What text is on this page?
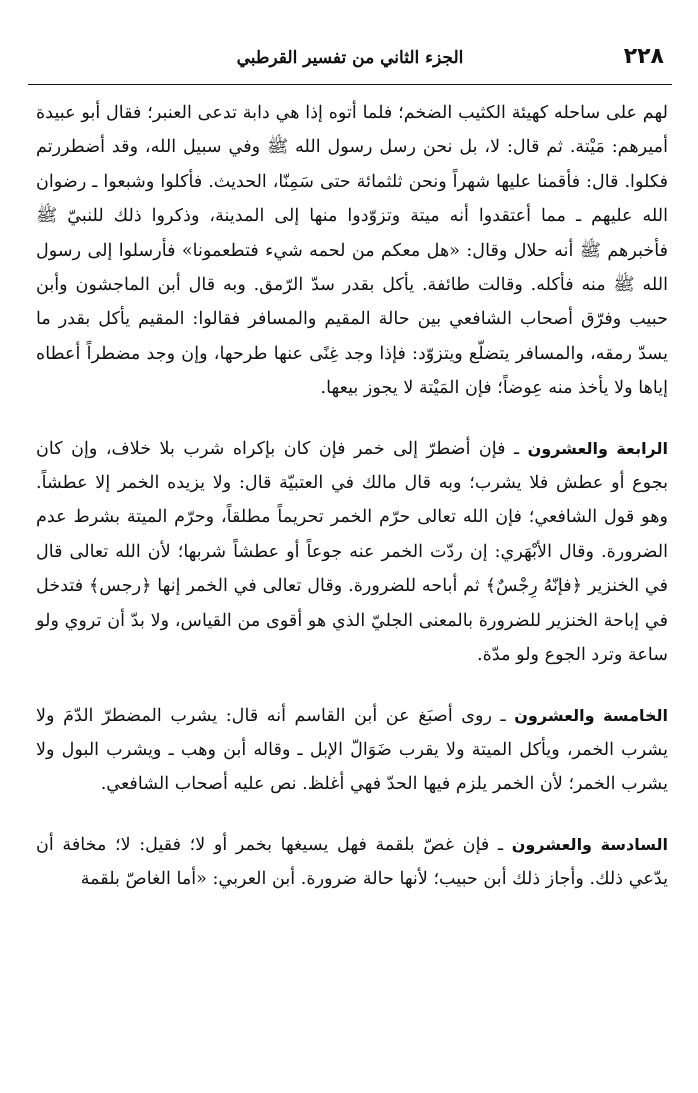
٢٢٨
الجزء الثاني من تفسير القرطبي

لهم على ساحله كهيئة الكثيب الضخم؛ فلما أتوه إذا هي دابة تدعى العنبر؛ فقال أبو عبيدة أميرهم: مَيْتة. ثم قال: لا، بل نحن رسل رسول الله ﷺ وفي سبيل الله، وقد أضطررتم فكلوا. قال: فأقمنا عليها شهراً ونحن ثلثمائة حتى سَمِنّا، الحديث. فأكلوا وشبعوا ـ رضوان الله عليهم ـ مما أعتقدوا أنه ميتة وتزوّدوا منها إلى المدينة، وذكروا ذلك للنبيّ ﷺ فأخبرهم ﷺ أنه حلال وقال: «هل معكم من لحمه شيء فتطعمونا» فأرسلوا إلى رسول الله ﷺ منه فأكله. وقالت طائفة. يأكل بقدر سدّ الرّمق. وبه قال أبن الماجشون وأبن حبيب وفرّق أصحاب الشافعي بين حالة المقيم والمسافر فقالوا: المقيم يأكل بقدر ما يسدّ رمقه، والمسافر يتضلّع ويتزوّد: فإذا وجد غِنًى عنها طرحها، وإن وجد مضطراً أعطاه إياها ولا يأخذ منه عِوضاً؛ فإن المَيْتة لا يجوز بيعها.

الرابعة والعشرون ـ فإن أضطرّ إلى خمر فإن كان بإكراه شرب بلا خلاف، وإن كان بجوع أو عطش فلا يشرب؛ وبه قال مالك في العتبيّة قال: ولا يزيده الخمر إلا عطشاً. وهو قول الشافعي؛ فإن الله تعالى حرّم الخمر تحريماً مطلقاً، وحرّم الميتة بشرط عدم الضرورة. وقال الأبْهَري: إن ردّت الخمر عنه جوعاً أو عطشاً شربها؛ لأن الله تعالى قال في الخنزير ﴿فإنّهُ رِجْسٌ﴾ ثم أباحه للضرورة. وقال تعالى في الخمر إنها ﴿رجس﴾ فتدخل في إباحة الخنزير للضرورة بالمعنى الجليّ الذي هو أقوى من القياس، ولا بدّ أن تروي ولو ساعة وترد الجوع ولو مدّة.

الخامسة والعشرون ـ روى أصبَغ عن أبن القاسم أنه قال: يشرب المضطرّ الدّمَ ولا يشرب الخمر، ويأكل الميتة ولا يقرب ضَوَالّ الإبل ـ وقاله أبن وهب ـ ويشرب البول ولا يشرب الخمر؛ لأن الخمر يلزم فيها الحدّ فهي أغلظ. نص عليه أصحاب الشافعي.

السادسة والعشرون ـ فإن غصّ بلقمة فهل يسيغها بخمر أو لا؛ فقيل: لا؛ مخافة أن يدّعي ذلك. وأجاز ذلك أبن حبيب؛ لأنها حالة ضرورة. أبن العربي: «أما الغاصّ بلقمة
